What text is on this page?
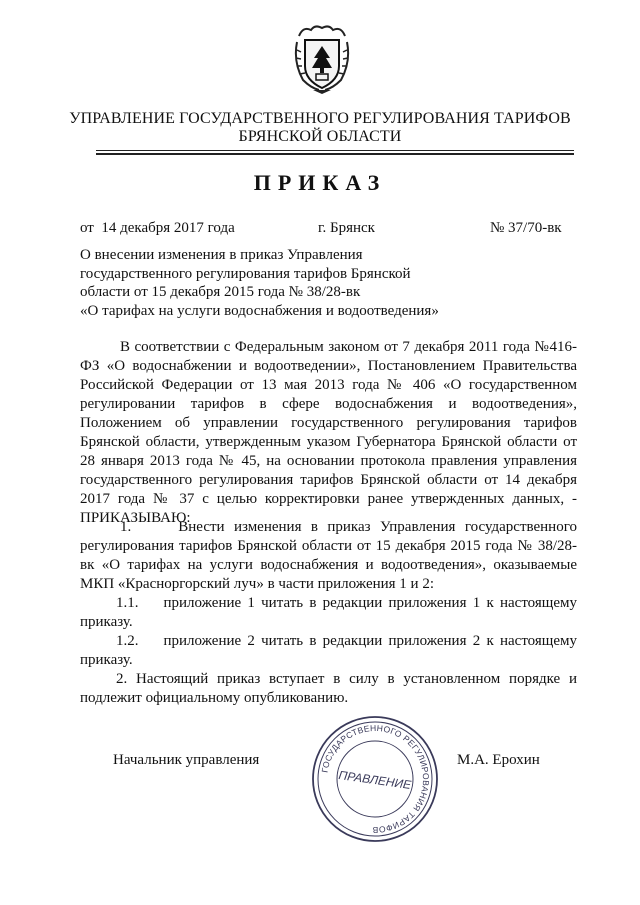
УПРАВЛЕНИЕ ГОСУДАРСТВЕННОГО РЕГУЛИРОВАНИЯ ТАРИФОВ
БРЯНСКОЙ ОБЛАСТИ
ПРИКАЗ
от  14 декабря 2017 года	г. Брянск	№ 37/70-вк
О внесении изменения в приказ Управления
государственного регулирования тарифов Брянской
области от 15 декабря 2015 года № 38/28-вк
«О тарифах на услуги водоснабжения и водоотведения»
В соответствии с Федеральным законом от 7 декабря 2011 года №416-
ФЗ «О водоснабжении и водоотведении», Постановлением Правительства
Российской Федерации от 13 мая 2013 года № 406 «О государственном
регулировании тарифов в сфере водоснабжения и водоотведения»,
Положением об управлении государственного регулирования тарифов
Брянской области, утвержденным указом Губернатора Брянской области от
28 января 2013 года № 45, на основании протокола правления управления
государственного регулирования тарифов Брянской области от 14 декабря
2017 года № 37 с целью корректировки ранее утвержденных данных, -
ПРИКАЗЫВАЮ:
1.     Внести изменения в приказ Управления государственного
регулирования тарифов Брянской области от 15 декабря 2015 года № 38/28-
вк «О тарифах на услуги водоснабжения и водоотведения», оказываемые
МКП «Красноргорский луч» в части приложения 1 и 2:
1.1.    приложение 1 читать в редакции приложения 1 к настоящему
приказу.
1.2.    приложение 2 читать в редакции приложения 2 к настоящему
приказу.
2. Настоящий приказ вступает в силу в установленном порядке и
подлежит официальному опубликованию.
Начальник управления	М.А. Ерохин
ГОСУДАРСТВЕННОГО РЕГУЛИРОВАНИЯ ТАРИФОВ
ПРАВЛЕНИЕ
